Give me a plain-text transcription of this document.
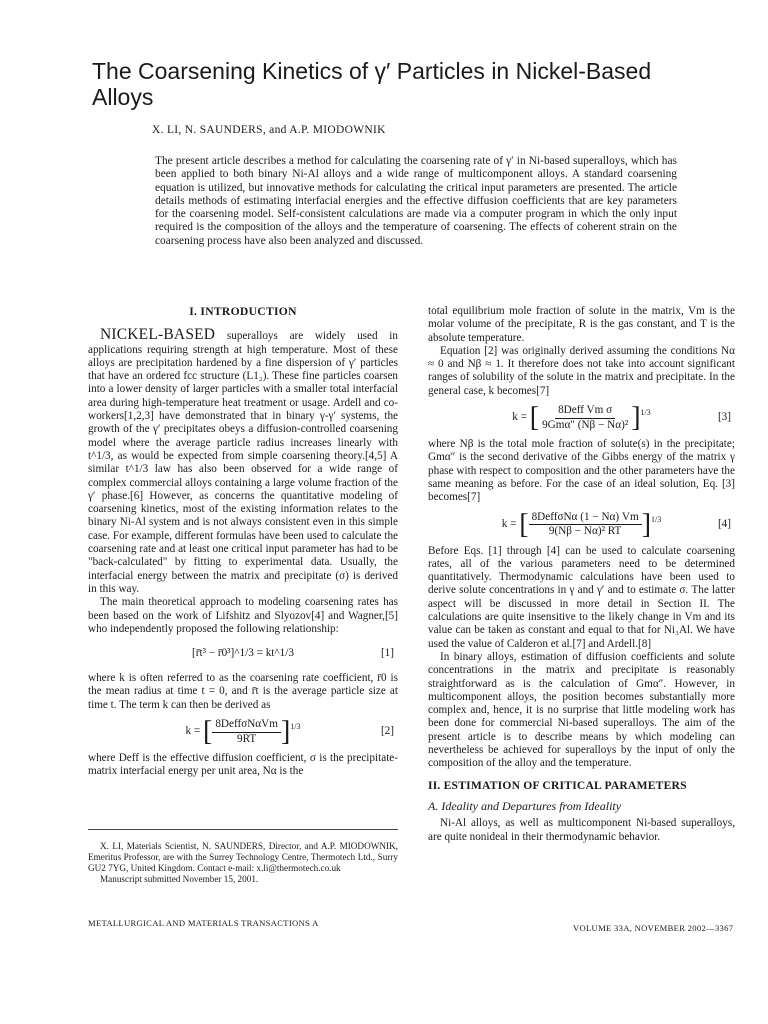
The Coarsening Kinetics of γ′ Particles in Nickel-Based Alloys
X. LI, N. SAUNDERS, and A.P. MIODOWNIK
The present article describes a method for calculating the coarsening rate of γ′ in Ni-based superalloys, which has been applied to both binary Ni-Al alloys and a wide range of multicomponent alloys. A standard coarsening equation is utilized, but innovative methods for calculating the critical input parameters are presented. The article details methods of estimating interfacial energies and the effective diffusion coefficients that are key parameters for the coarsening model. Self-consistent calculations are made via a computer program in which the only input required is the composition of the alloys and the temperature of coarsening. The effects of coherent strain on the coarsening process have also been analyzed and discussed.
I. INTRODUCTION

NICKEL-BASED superalloys are widely used in applications requiring strength at high temperature. Most of these alloys are precipitation hardened by a fine dispersion of γ′ particles that have an ordered fcc structure (L1₂). These fine particles coarsen into a lower density of larger particles with a smaller total interfacial area during high-temperature heat treatment or usage. Ardell and co-workers[1,2,3] have demonstrated that in binary γ-γ′ systems, the growth of the γ′ precipitates obeys a diffusion-controlled coarsening model where the average particle radius increases linearly with t^1/3, as would be expected from simple coarsening theory.[4,5] A similar t^1/3 law has also been observed for a wide range of complex commercial alloys containing a large volume fraction of the γ′ phase.[6] However, as concerns the quantitative modeling of coarsening kinetics, most of the existing information relates to the binary Ni-Al system and is not always consistent even in this simple case. For example, different formulas have been used to calculate the coarsening rate and at least one critical input parameter has had to be "back-calculated" by fitting to experimental data. Usually, the interfacial energy between the matrix and precipitate (σ) is derived in this way.

The main theoretical approach to modeling coarsening rates has been based on the work of Lifshitz and Slyozov[4] and Wagner,[5] who independently proposed the following relationship:

[r̄t³ − r̄0³]^1/3 = kt^1/3	[1]

where k is often referred to as the coarsening rate coefficient, r̄0 is the mean radius at time t = 0, and r̄t is the average particle size at time t. The term k can then be derived as

k =
[ $\frac{\text{8DeffσNαVm}}{9RT}$ ] 1/3	[2]

where Deff is the effective diffusion coefficient, σ is the precipitate-matrix interfacial energy per unit area, Nα is the

total equilibrium mole fraction of solute in the matrix, Vm is the molar volume of the precipitate, R is the gas constant, and T is the absolute temperature.

Equation [2] was originally derived assuming the conditions Nα ≈ 0 and Nβ ≈ 1. It therefore does not take into account significant ranges of solubility of the solute in the matrix and precipitate. In the general case, k becomes[7]

k =
[ $\frac{\text{8Deff Vm σ}}{\text{9Gmα″ (Nβ − Nα)²}}$ ] 1/3	[3]

where Nβ is the total mole fraction of solute(s) in the precipitate; Gmα″ is the second derivative of the Gibbs energy of the matrix γ phase with respect to composition and the other parameters have the same meaning as before. For the case of an ideal solution, Eq. [3] becomes[7]

k =
[ $\frac{\text{8DeffσNα (1 − Nα) Vm}}{\text{9(Nβ − Nα)² RT}}$ ] 1/3	[4]

Before Eqs. [1] through [4] can be used to calculate coarsening rates, all of the various parameters need to be determined quantitatively. Thermodynamic calculations have been used to derive solute concentrations in γ and γ′ and to estimate σ. The latter aspect will be discussed in more detail in Section II. The calculations are quite insensitive to the likely change in Vm and its value can be taken as constant and equal to that for Ni₃Al. We have used the value of Calderon et al.[7] and Ardell.[8]

In binary alloys, estimation of diffusion coefficients and solute concentrations in the matrix and precipitate is reasonably straightforward as is the calculation of Gmα″. However, in multicomponent alloys, the position becomes substantially more complex and, hence, it is no surprise that little modeling work has been done for commercial Ni-based superalloys. The aim of the present article is to describe means by which modeling can nevertheless be achieved for superalloys by the input of only the composition of the alloy and the temperature.

II. ESTIMATION OF CRITICAL PARAMETERS
A. Ideality and Departures from Ideality

Ni-Al alloys, as well as multicomponent Ni-based superalloys, are quite nonideal in their thermodynamic behavior.

X. LI, Materials Scientist, N. SAUNDERS, Director, and A.P. MIODOWNIK, Emeritus Professor, are with the Surrey Technology Centre, Thermotech Ltd., Surry GU2 7YG, United Kingdom. Contact e-mail: x.li@thermotech.co.uk

Manuscript submitted November 15, 2001.

METALLURGICAL AND MATERIALS TRANSACTIONS A	VOLUME 33A, NOVEMBER 2002—3367
